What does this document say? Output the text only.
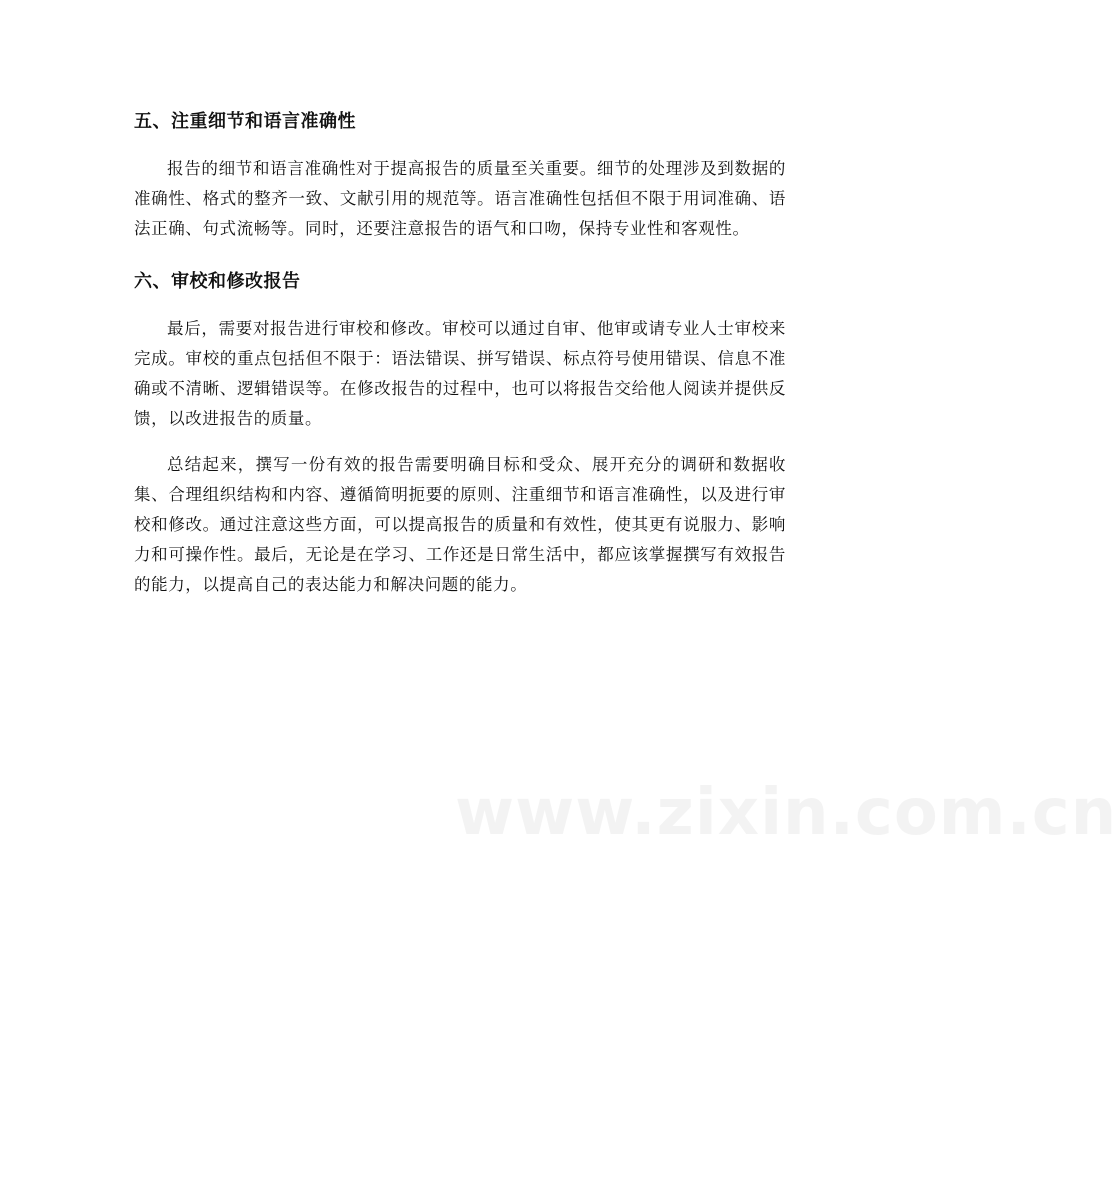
五、注重细节和语言准确性

报告的细节和语言准确性对于提高报告的质量至关重要。细节的处理涉及到数据的准确性、格式的整齐一致、文献引用的规范等。语言准确性包括但不限于用词准确、语法正确、句式流畅等。同时，还要注意报告的语气和口吻，保持专业性和客观性。

六、审校和修改报告

最后，需要对报告进行审校和修改。审校可以通过自审、他审或请专业人士审校来完成。审校的重点包括但不限于：语法错误、拼写错误、标点符号使用错误、信息不准确或不清晰、逻辑错误等。在修改报告的过程中，也可以将报告交给他人阅读并提供反馈，以改进报告的质量。

总结起来，撰写一份有效的报告需要明确目标和受众、展开充分的调研和数据收集、合理组织结构和内容、遵循简明扼要的原则、注重细节和语言准确性，以及进行审校和修改。通过注意这些方面，可以提高报告的质量和有效性，使其更有说服力、影响力和可操作性。最后，无论是在学习、工作还是日常生活中，都应该掌握撰写有效报告的能力，以提高自己的表达能力和解决问题的能力。

www.zixin.com.cn
